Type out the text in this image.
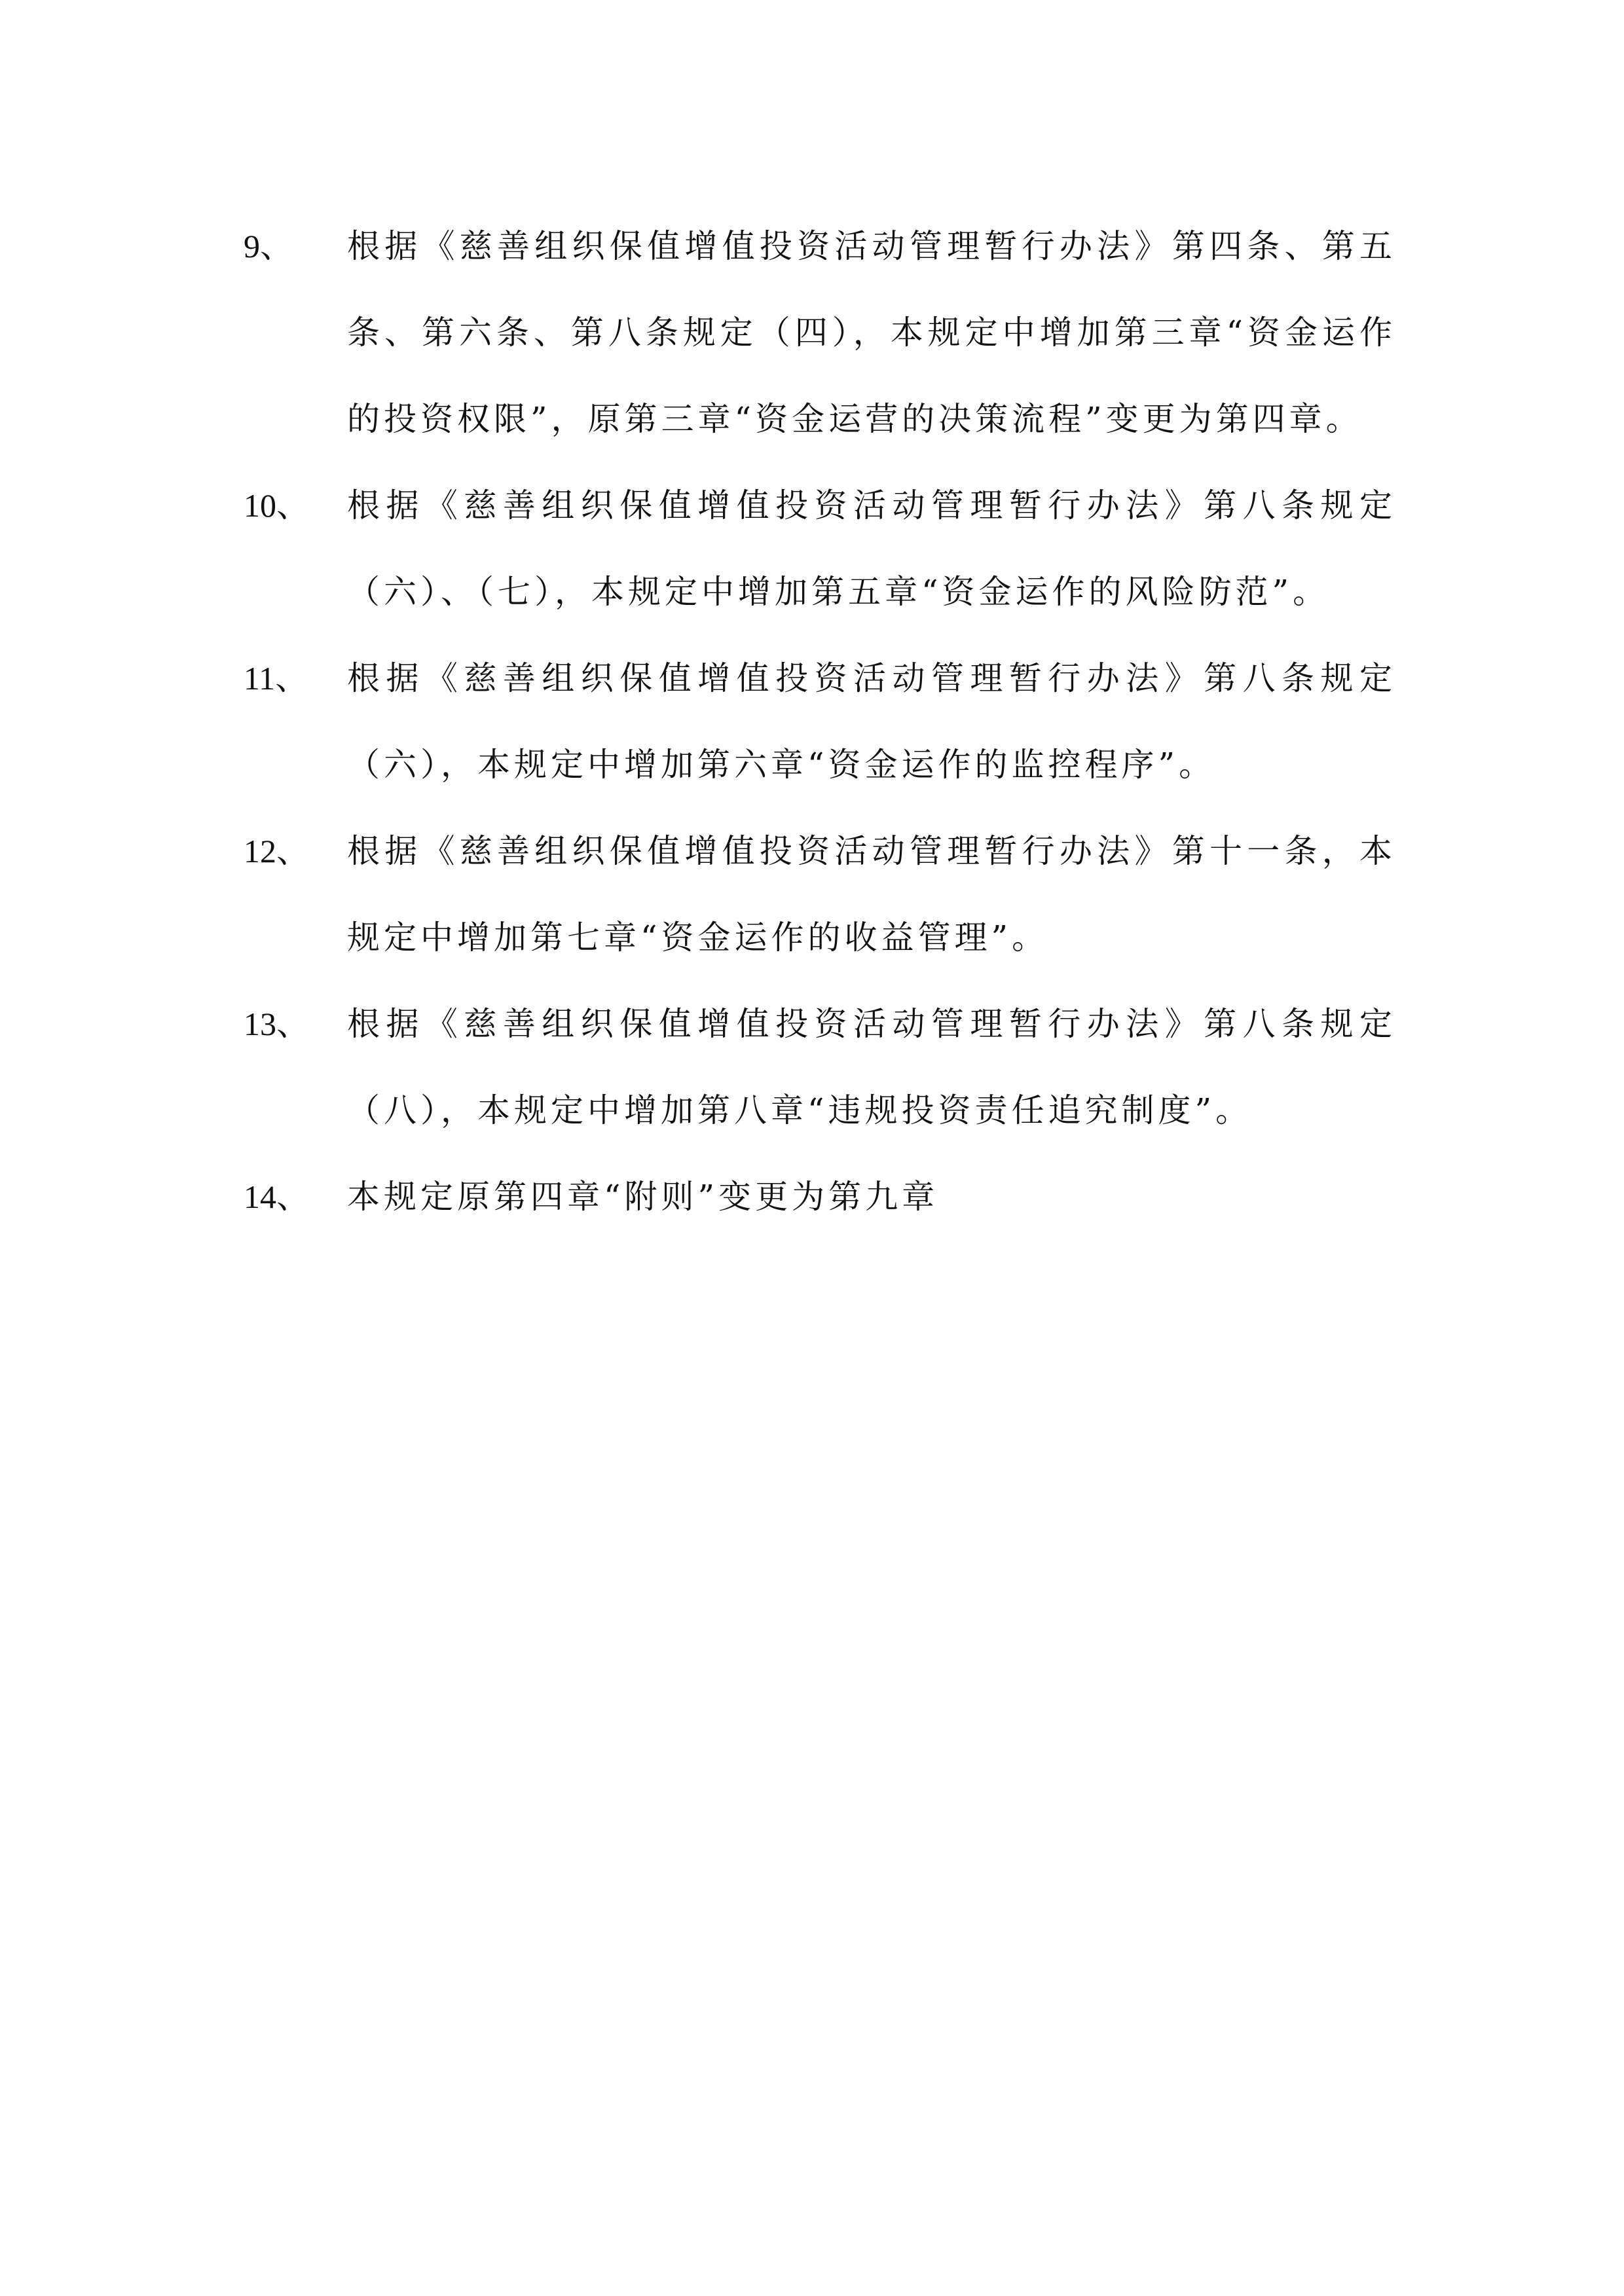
9、	根据《慈善组织保值增值投资活动管理暂行办法》第四条、第五条、第六条、第八条规定（四），本规定中增加第三章“资金运作的投资权限”，原第三章“资金运营的决策流程”变更为第四章。
10、	根据《慈善组织保值增值投资活动管理暂行办法》第八条规定（六）、（七），本规定中增加第五章“资金运作的风险防范”。
11、	根据《慈善组织保值增值投资活动管理暂行办法》第八条规定（六），本规定中增加第六章“资金运作的监控程序”。
12、	根据《慈善组织保值增值投资活动管理暂行办法》第十一条，本规定中增加第七章“资金运作的收益管理”。
13、	根据《慈善组织保值增值投资活动管理暂行办法》第八条规定（八），本规定中增加第八章“违规投资责任追究制度”。
14、	本规定原第四章“附则”变更为第九章
